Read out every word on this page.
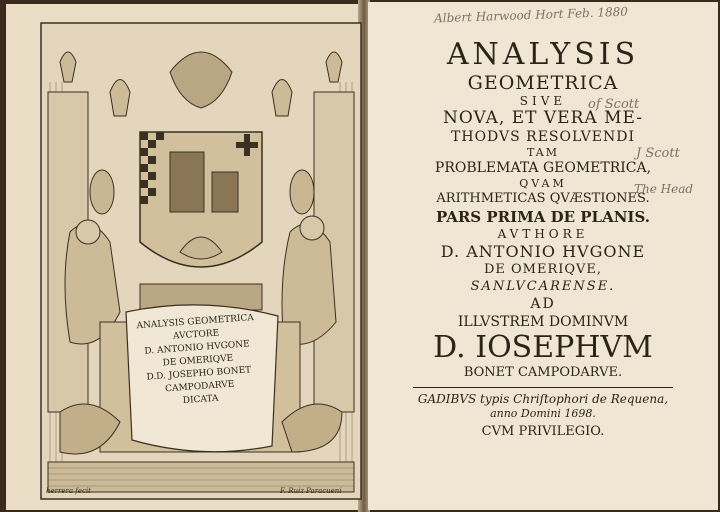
ANALYSIS GEOMETRICA
AVCTORE
D. ANTONIO HVGONE
DE OMERIQVE
D.D. JOSEPHO BONET
CAMPODARVE
DICATA
herrera fecit	F. Ruiz Paracueni

ANALYSIS

GEOMETRICA

SIVE

NOVA, ET VERA ME-

THODVS RESOLVENDI

TAM

PROBLEMATA GEOMETRICA,

QVAM

ARITHMETICAS QVÆSTIONES.

PARS PRIMA DE PLANIS.

AVTHORE

D. ANTONIO HVGONE

DE OMERIQVE,

SANLVCARENSE.

AD

ILLVSTREM DOMINVM

D. IOSEPHVM

BONET CAMPODARVE.

GADIBVS typis Chriſtophori de Requena,

anno Domini 1698.

CVM PRIVILEGIO.

Albert Harwood Hort Feb. 1880
of Scott
J Scott
The Head
